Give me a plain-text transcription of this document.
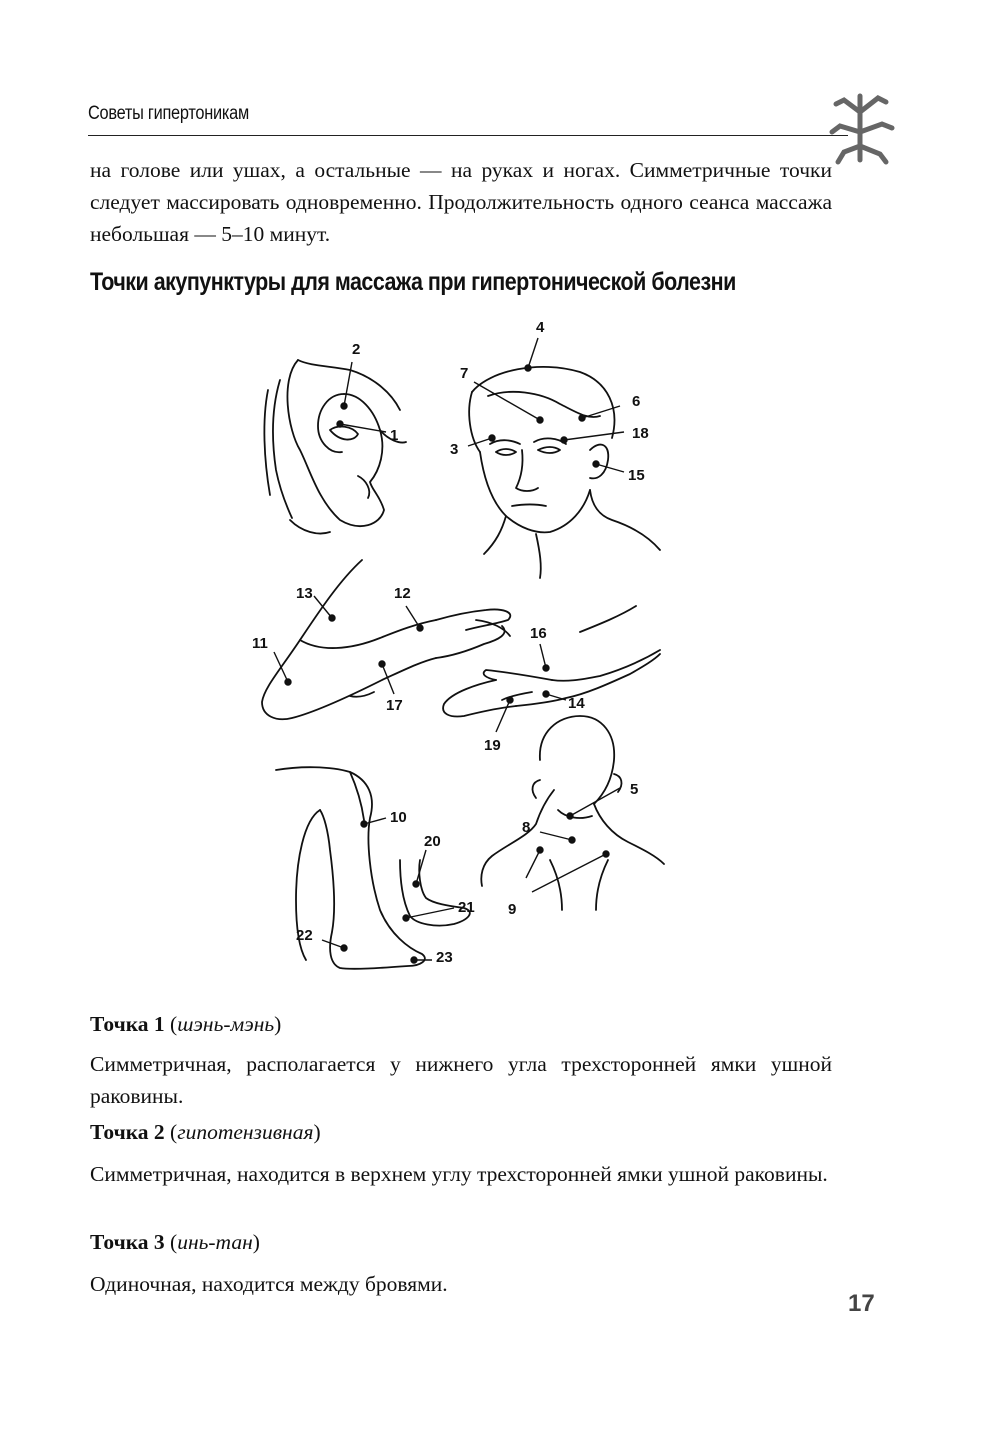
Советы гипертоникам

на голове или ушах, а остальные — на руках и ногах. Симметричные точки следует массировать одновременно. Продолжительность одного сеанса массажа небольшая — 5–10 минут.

Точки акупунктуры для массажа при гипертонической болезни
1
2
3
4
5
6
7
8
9
10
11
12
13
14
15
16
17
18
19
20
21
22
23

Точка 1 (шэнь-мэнь)

Симметричная, располагается у нижнего угла трехсторонней ямки ушной раковины.

Точка 2 (гипотензивная)

Симметричная, находится в верхнем углу трехсторонней ямки ушной раковины.

Точка 3 (инь-тан)

Одиночная, находится между бровями.

17
